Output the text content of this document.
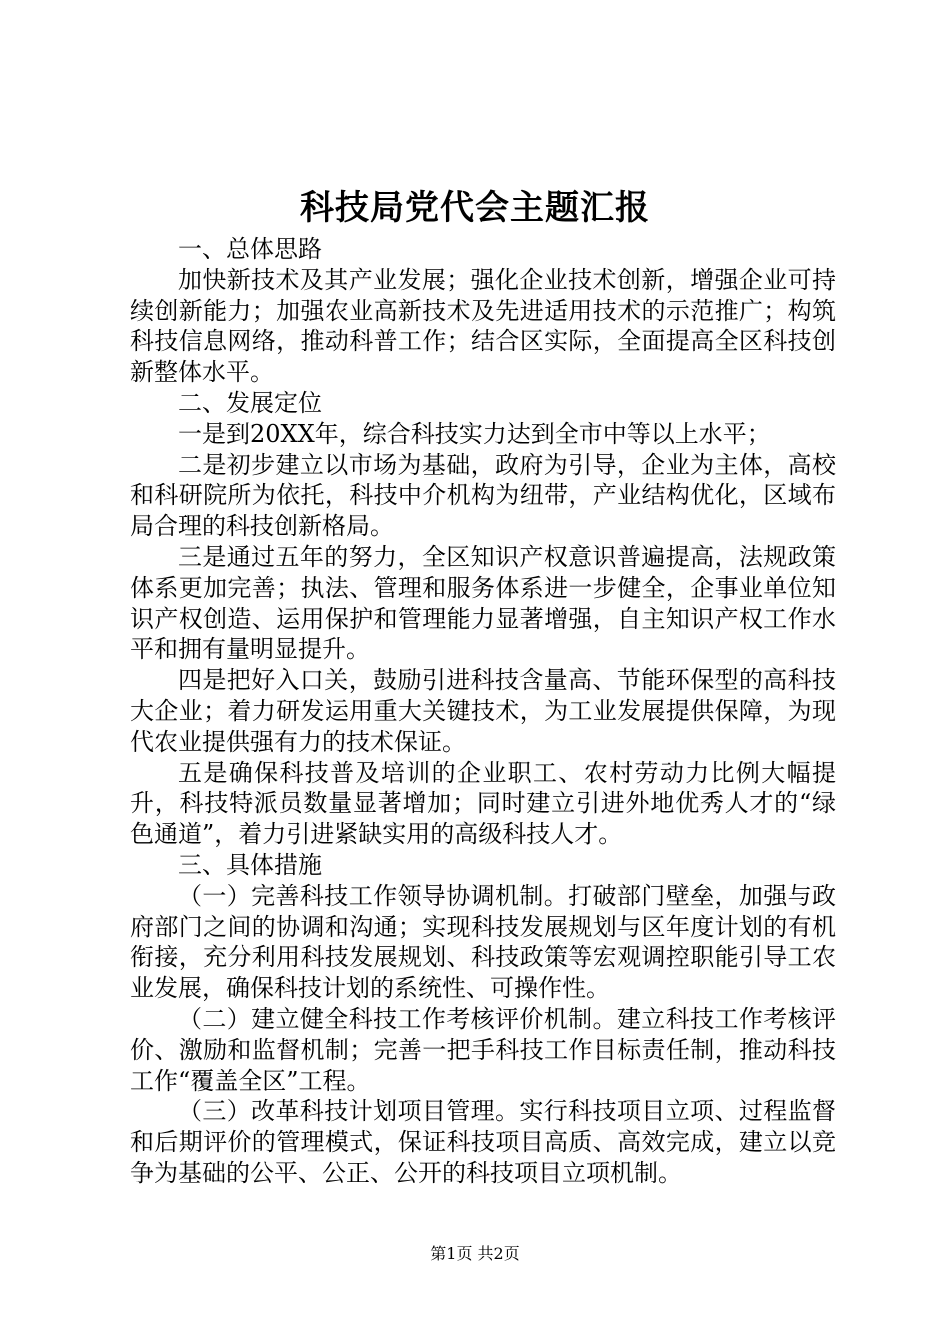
科技局党代会主题汇报

一、总体思路

加快新技术及其产业发展；强化企业技术创新，增强企业可持续创新能力；加强农业高新技术及先进适用技术的示范推广；构筑科技信息网络，推动科普工作；结合区实际，全面提高全区科技创新整体水平。

二、发展定位

一是到20XX年，综合科技实力达到全市中等以上水平；

二是初步建立以市场为基础，政府为引导，企业为主体，高校和科研院所为依托，科技中介机构为纽带，产业结构优化，区域布局合理的科技创新格局。

三是通过五年的努力，全区知识产权意识普遍提高，法规政策体系更加完善；执法、管理和服务体系进一步健全，企事业单位知识产权创造、运用保护和管理能力显著增强，自主知识产权工作水平和拥有量明显提升。

四是把好入口关，鼓励引进科技含量高、节能环保型的高科技大企业；着力研发运用重大关键技术，为工业发展提供保障，为现代农业提供强有力的技术保证。

五是确保科技普及培训的企业职工、农村劳动力比例大幅提升，科技特派员数量显著增加；同时建立引进外地优秀人才的“绿色通道”，着力引进紧缺实用的高级科技人才。

三、具体措施

（一）完善科技工作领导协调机制。打破部门壁垒，加强与政府部门之间的协调和沟通；实现科技发展规划与区年度计划的有机衔接，充分利用科技发展规划、科技政策等宏观调控职能引导工农业发展，确保科技计划的系统性、可操作性。

（二）建立健全科技工作考核评价机制。建立科技工作考核评价、激励和监督机制；完善一把手科技工作目标责任制，推动科技工作“覆盖全区”工程。

（三）改革科技计划项目管理。实行科技项目立项、过程监督和后期评价的管理模式，保证科技项目高质、高效完成，建立以竞争为基础的公平、公正、公开的科技项目立项机制。

第1页 共2页
